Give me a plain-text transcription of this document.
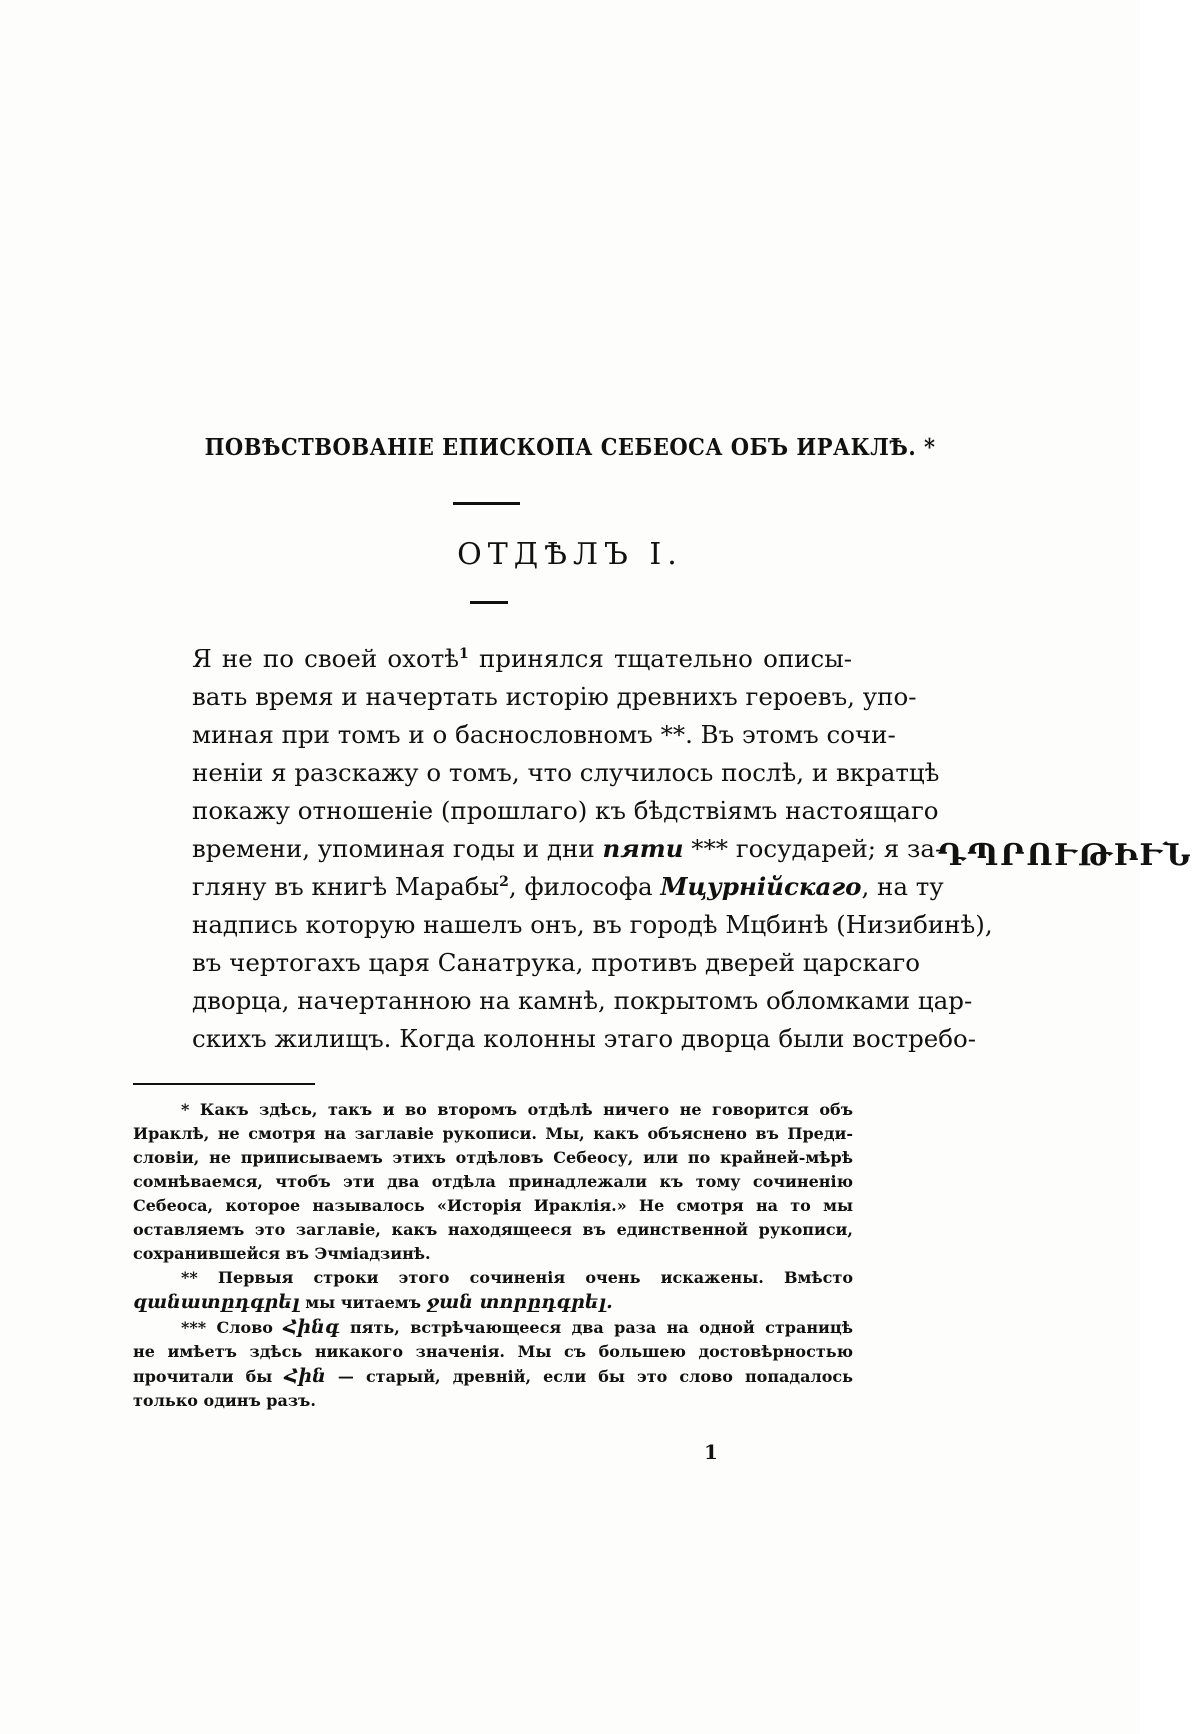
ПОВѢСТВОВАНІЕ ЕПИСКОПА СЕБЕОСА ОБЪ ИРАКЛѢ. *
ОТДѢЛЪ I.
Я не по своей охотѣ$^1$ принялся тщательно описы-
вать время и начертать исторію древнихъ героевъ, упо-
миная при томъ и о баснословномъ **. Въ этомъ сочи-
неніи я разскажу о томъ, что случилось послѣ, и вкратцѣ
покажу отношеніе (прошлаго) къ бѣдствіямъ настоящаго
времени, упоминая годы и дни пяти *** государей; я за-
гляну въ книгѣ Марабы$^2$, философа Мцурнійскаго, на ту
надпись которую нашелъ онъ, въ городѣ Мцбинѣ (Низибинѣ),
въ чертогахъ царя Санатрука, противъ дверей царскаго
дворца, начертанною на камнѣ, покрытомъ обломками цар-
скихъ жилищъ. Когда колонны этаго дворца были востребо-
ԴՊՐՈՒԹԻՒՆ
* Какъ здѣсь, такъ и во второмъ отдѣлѣ ничего не говорится объ
Ираклѣ, не смотря на заглавіе рукописи. Мы, какъ объяснено въ Преди-
словіи, не приписываемъ этихъ отдѣловъ Себеосу, или по крайней-мѣрѣ
сомнѣваемся, чтобъ эти два отдѣла принадлежали къ тому сочиненію
Себеоса, которое называлось «Исторія Ираклія.» Не смотря на то мы
оставляемъ это заглавіе, какъ находящееся въ единственной рукописи,
сохранившейся въ Эчміадзинѣ.
** Первыя строки этого сочиненія очень искажены. Вмѣсто
զանատըդգրել мы читаемъ ջան տորըդգրել.
*** Слово Հինգ пять, встрѣчающееся два раза на одной страницѣ
не имѣетъ здѣсь никакого значенія. Мы съ большею достовѣрностью
прочитали бы Հին — старый, древній, если бы это слово попадалось
только одинъ разъ.
1
